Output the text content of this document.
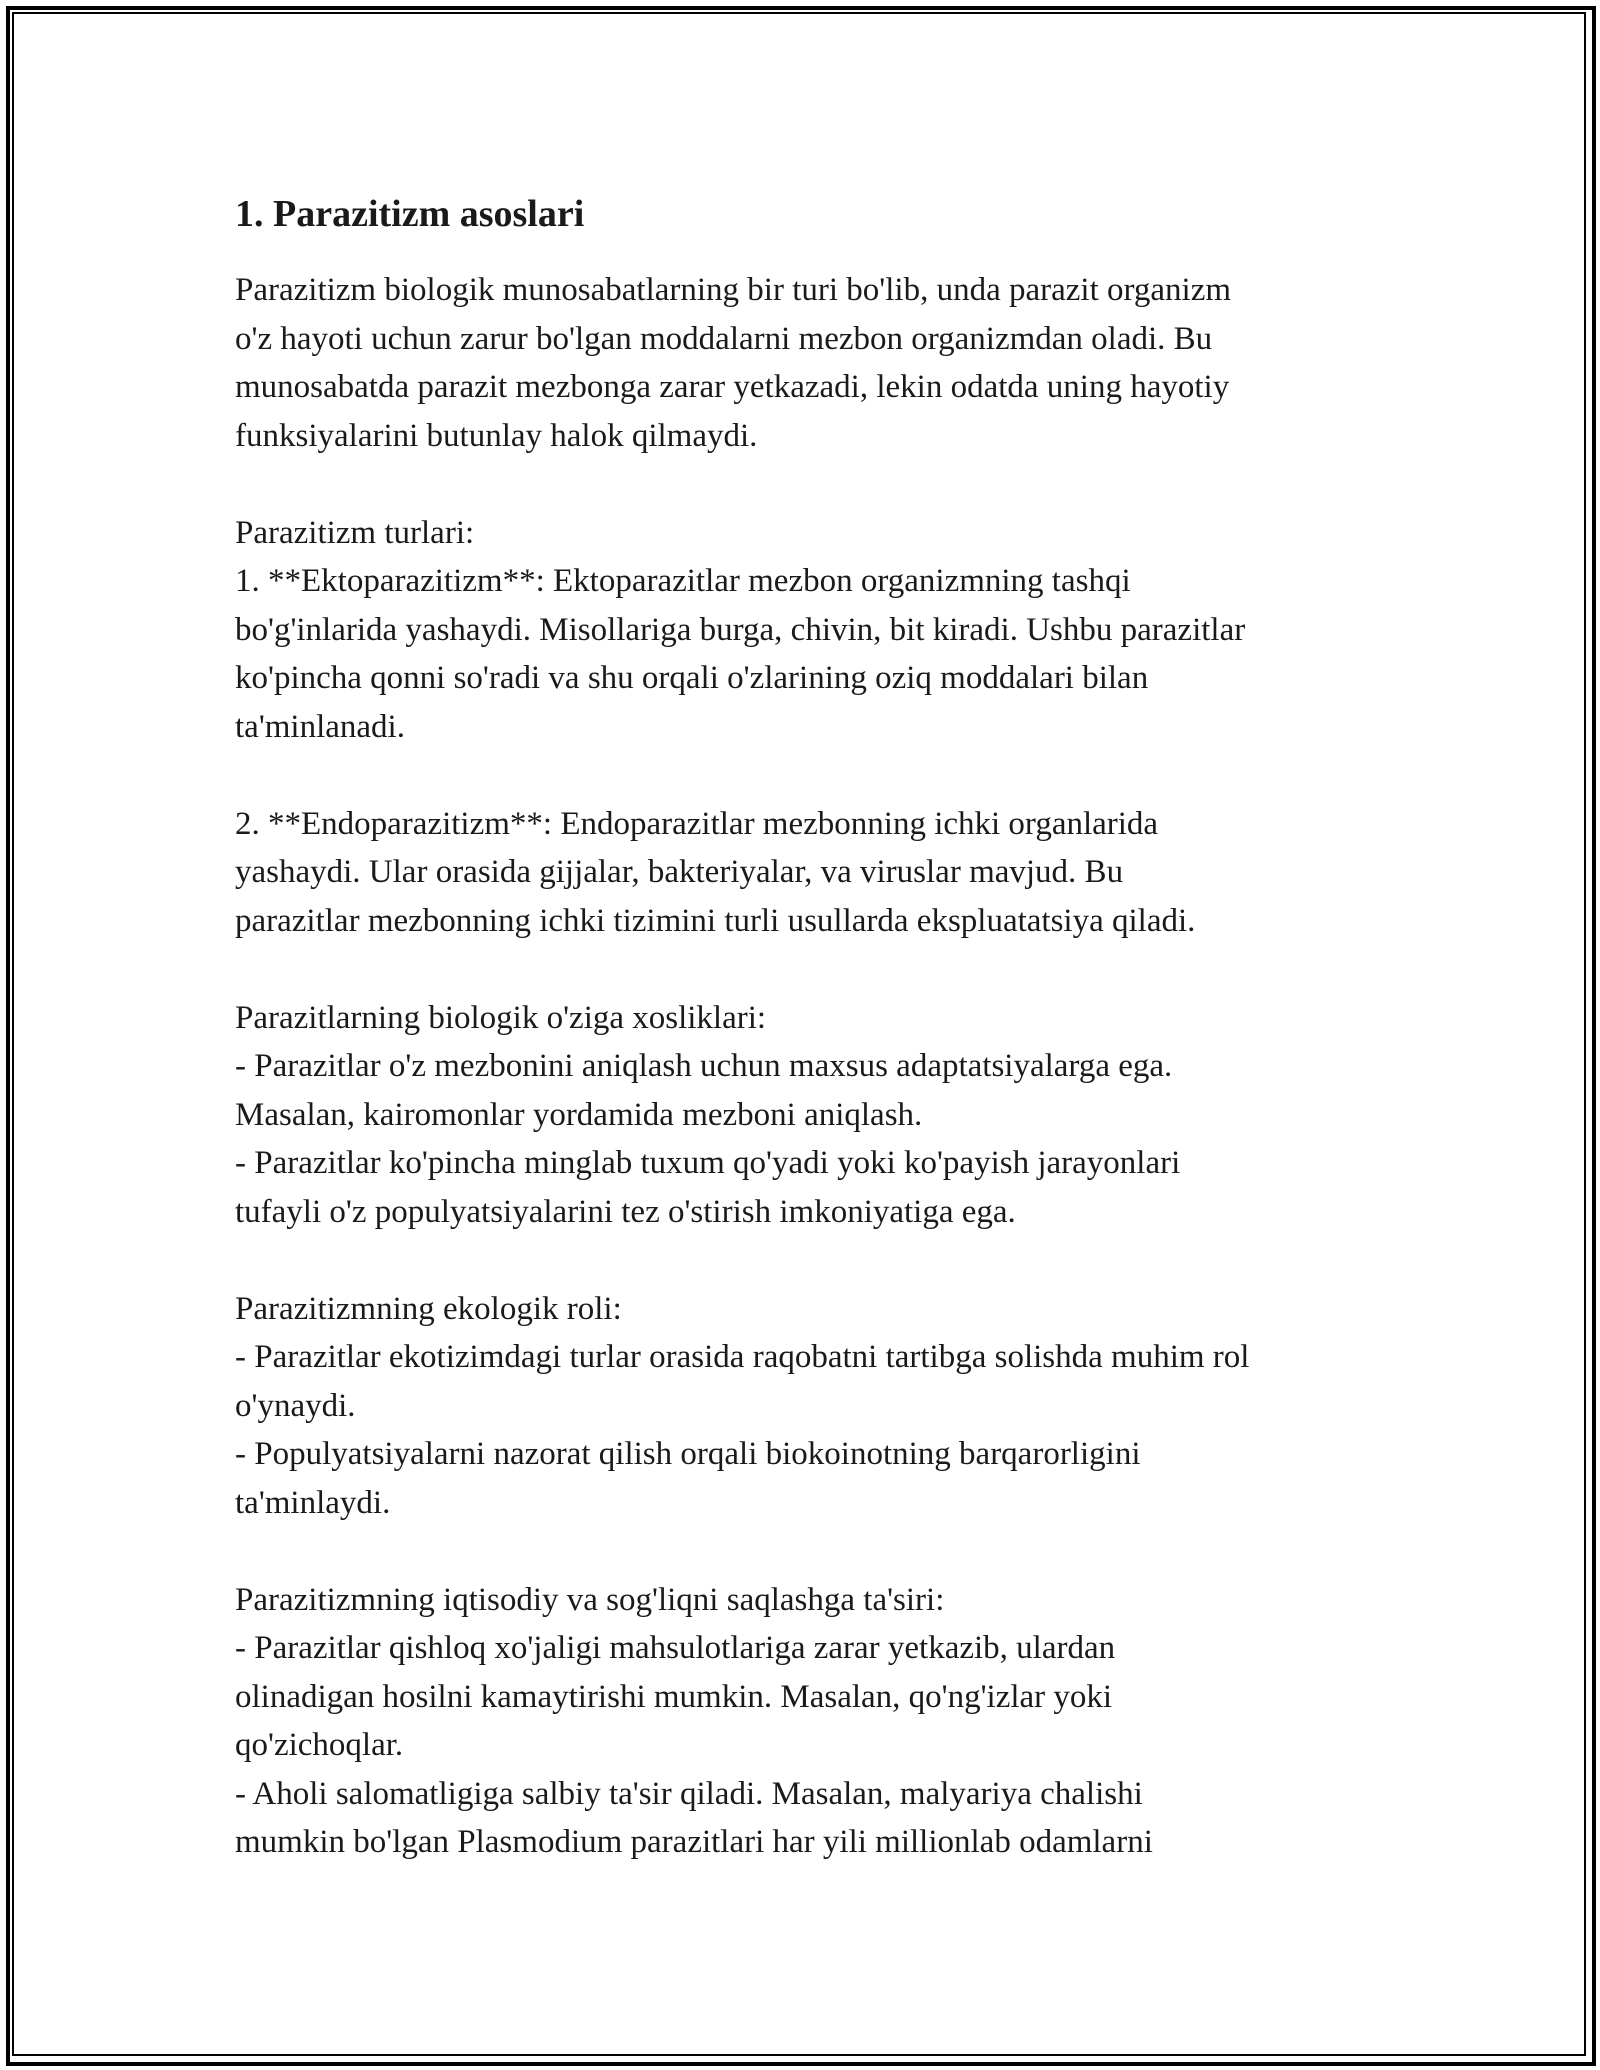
1. Parazitizm asoslari

Parazitizm biologik munosabatlarning bir turi bo'lib, unda parazit organizm
o'z hayoti uchun zarur bo'lgan moddalarni mezbon organizmdan oladi. Bu
munosabatda parazit mezbonga zarar yetkazadi, lekin odatda uning hayotiy
funksiyalarini butunlay halok qilmaydi.

Parazitizm turlari:
1. **Ektoparazitizm**: Ektoparazitlar mezbon organizmning tashqi
bo'g'inlarida yashaydi. Misollariga burga, chivin, bit kiradi. Ushbu parazitlar
ko'pincha qonni so'radi va shu orqali o'zlarining oziq moddalari bilan
ta'minlanadi.

2. **Endoparazitizm**: Endoparazitlar mezbonning ichki organlarida
yashaydi. Ular orasida gijjalar, bakteriyalar, va viruslar mavjud. Bu
parazitlar mezbonning ichki tizimini turli usullarda ekspluatatsiya qiladi.

Parazitlarning biologik o'ziga xosliklari:
- Parazitlar o'z mezbonini aniqlash uchun maxsus adaptatsiyalarga ega.
Masalan, kairomonlar yordamida mezboni aniqlash.
- Parazitlar ko'pincha minglab tuxum qo'yadi yoki ko'payish jarayonlari
tufayli o'z populyatsiyalarini tez o'stirish imkoniyatiga ega.

Parazitizmning ekologik roli:
- Parazitlar ekotizimdagi turlar orasida raqobatni tartibga solishda muhim rol
o'ynaydi.
- Populyatsiyalarni nazorat qilish orqali biokoinotning barqarorligini
ta'minlaydi.

Parazitizmning iqtisodiy va sog'liqni saqlashga ta'siri:
- Parazitlar qishloq xo'jaligi mahsulotlariga zarar yetkazib, ulardan
olinadigan hosilni kamaytirishi mumkin. Masalan, qo'ng'izlar yoki
qo'zichoqlar.
- Aholi salomatligiga salbiy ta'sir qiladi. Masalan, malyariya chalishi
mumkin bo'lgan Plasmodium parazitlari har yili millionlab odamlarni
